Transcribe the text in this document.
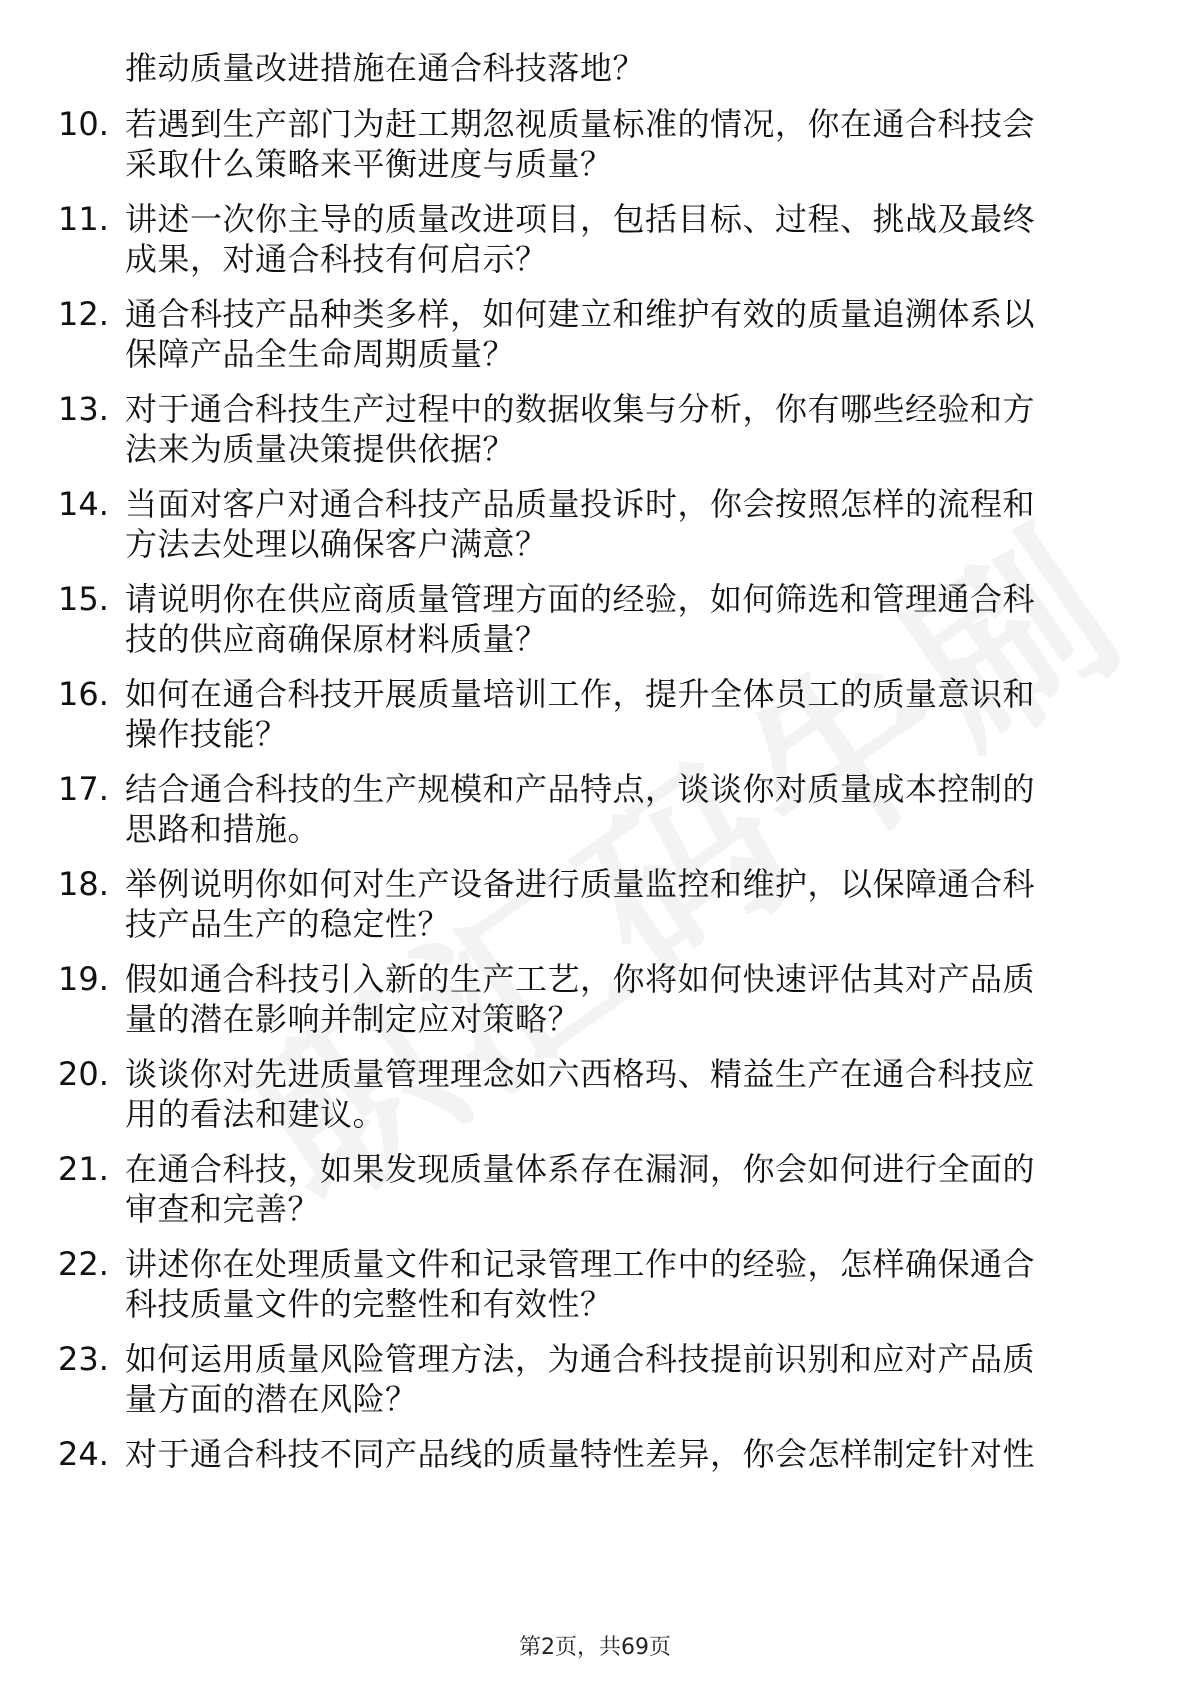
推动质量改进措施在通合科技落地？
10. 若遇到生产部门为赶工期忽视质量标准的情况，你在通合科技会
采取什么策略来平衡进度与质量？
11. 讲述一次你主导的质量改进项目，包括目标、过程、挑战及最终
成果，对通合科技有何启示？
12. 通合科技产品种类多样，如何建立和维护有效的质量追溯体系以
保障产品全生命周期质量？
13. 对于通合科技生产过程中的数据收集与分析，你有哪些经验和方
法来为质量决策提供依据？
14. 当面对客户对通合科技产品质量投诉时，你会按照怎样的流程和
方法去处理以确保客户满意？
15. 请说明你在供应商质量管理方面的经验，如何筛选和管理通合科
技的供应商确保原材料质量？
16. 如何在通合科技开展质量培训工作，提升全体员工的质量意识和
操作技能？
17. 结合通合科技的生产规模和产品特点，谈谈你对质量成本控制的
思路和措施。
18. 举例说明你如何对生产设备进行质量监控和维护，以保障通合科
技产品生产的稳定性？
19. 假如通合科技引入新的生产工艺，你将如何快速评估其对产品质
量的潜在影响并制定应对策略？
20. 谈谈你对先进质量管理理念如六西格玛、精益生产在通合科技应
用的看法和建议。
21. 在通合科技，如果发现质量体系存在漏洞，你会如何进行全面的
审查和完善？
22. 讲述你在处理质量文件和记录管理工作中的经验，怎样确保通合
科技质量文件的完整性和有效性？
23. 如何运用质量风险管理方法，为通合科技提前识别和应对产品质
量方面的潜在风险？
24. 对于通合科技不同产品线的质量特性差异，你会怎样制定针对性
第2页，共69页
